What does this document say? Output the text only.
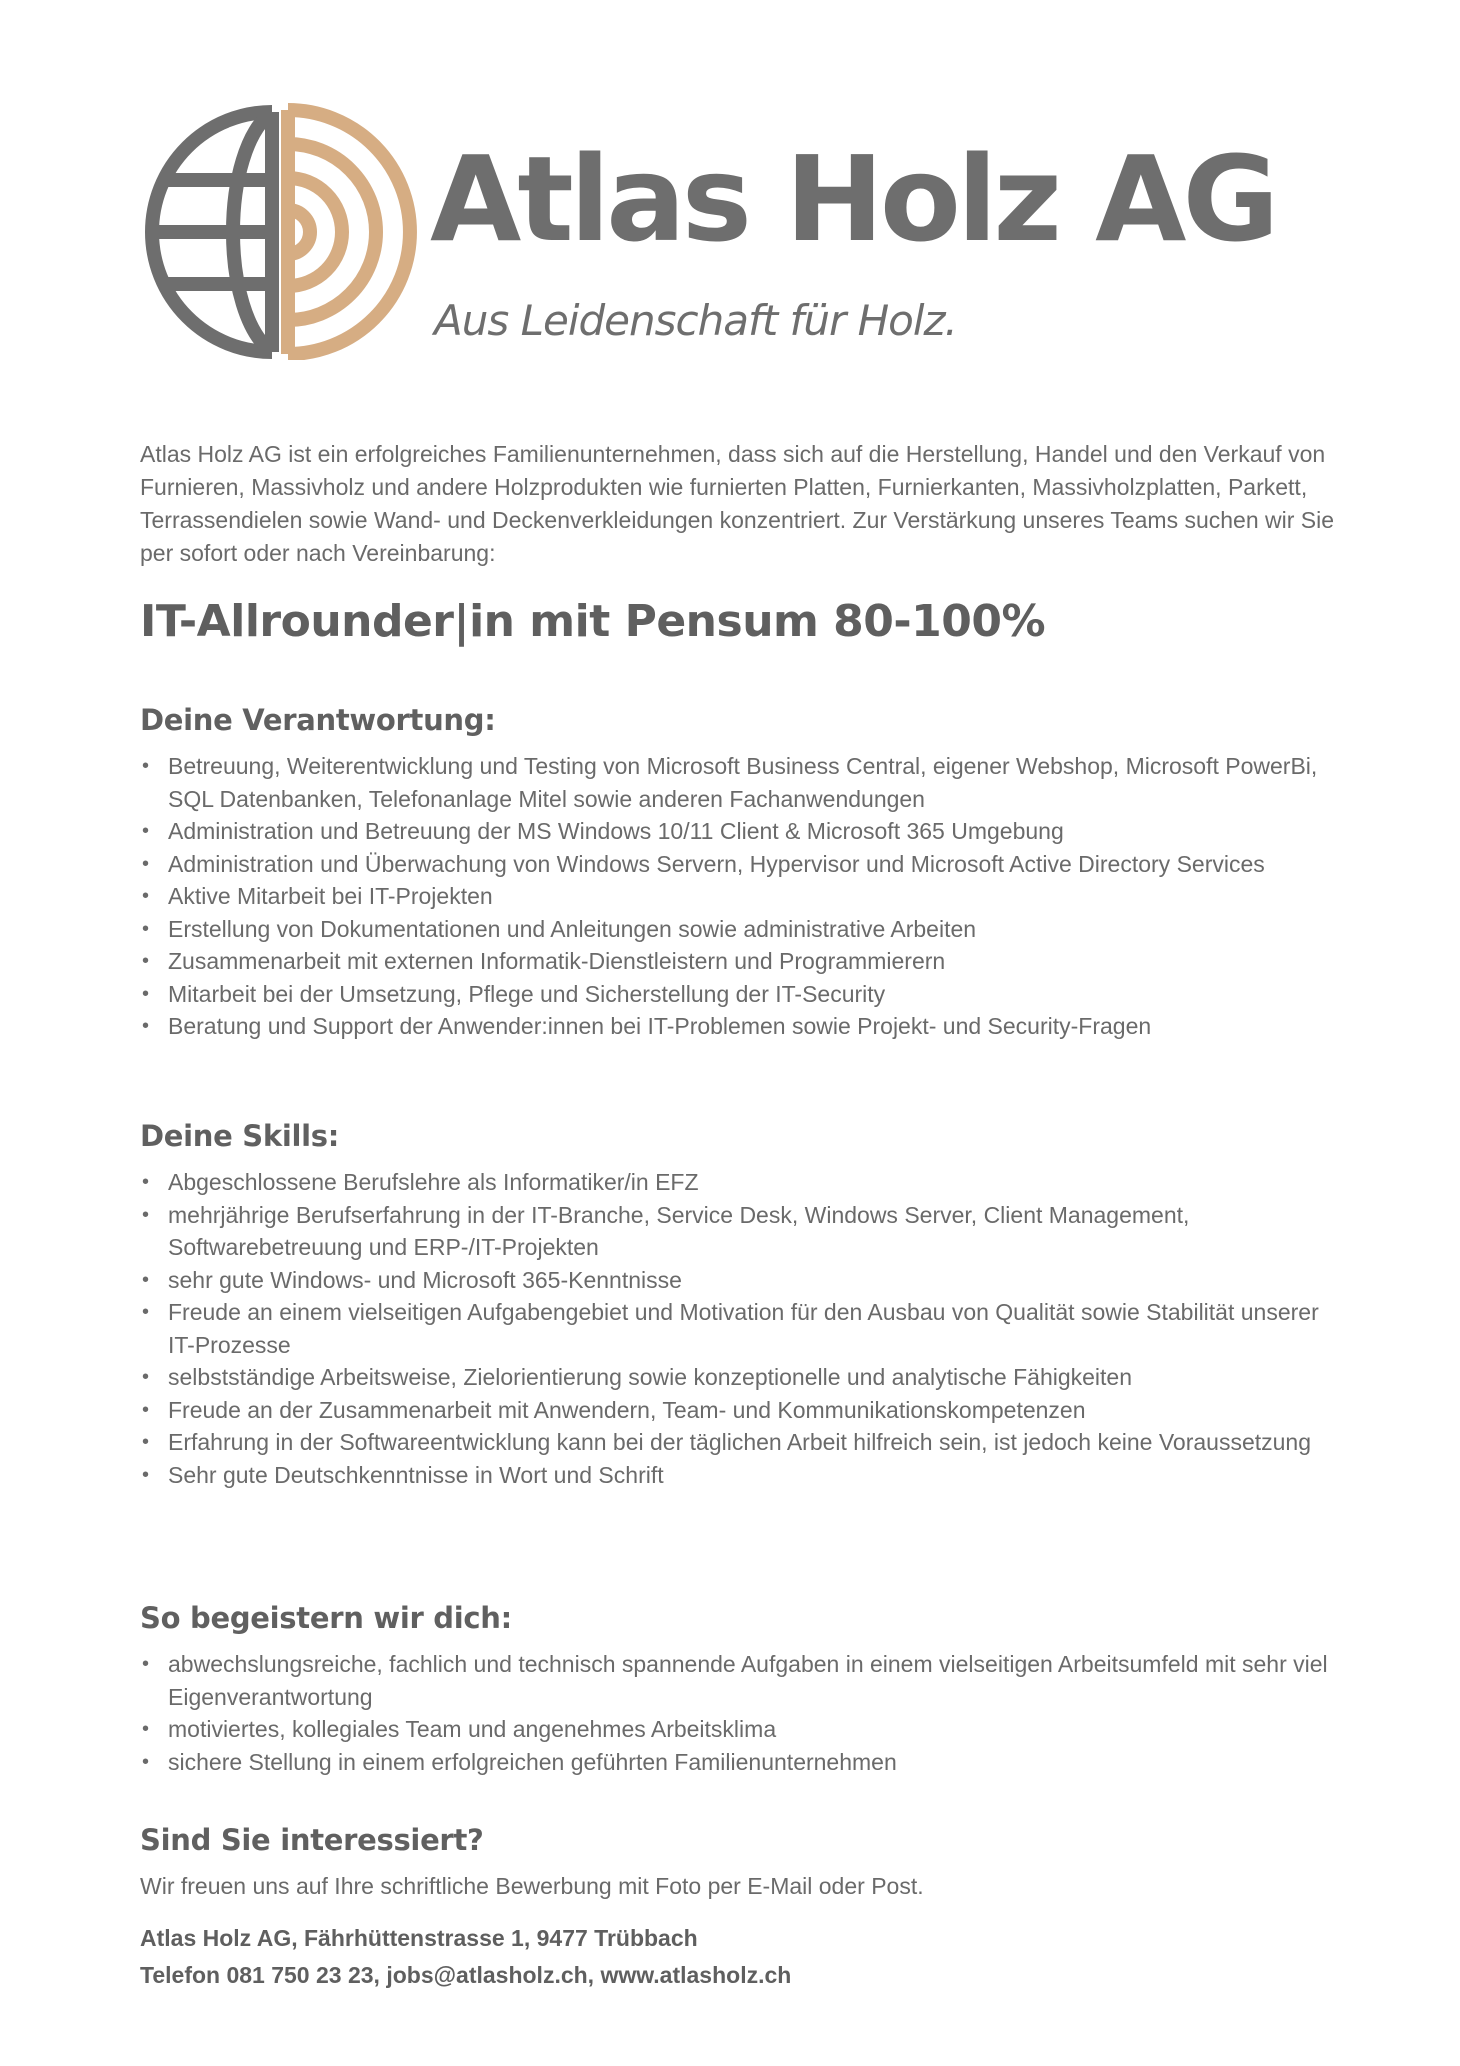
Atlas Holz AG
Aus Leidenschaft für Holz.

Atlas Holz AG ist ein erfolgreiches Familienunternehmen, dass sich auf die Herstellung, Handel und den Verkauf von Furnieren, Massivholz und andere Holzprodukten wie furnierten Platten, Furnierkanten, Massivholzplatten, Parkett, Terrassendielen sowie Wand- und Deckenverkleidungen konzentriert. Zur Verstärkung unseres Teams suchen wir Sie per sofort oder nach Vereinbarung:

IT-Allrounder|in mit Pensum 80-100%
Deine Verantwortung:
• Betreuung, Weiterentwicklung und Testing von Microsoft Business Central, eigener Webshop, Microsoft PowerBi, SQL Datenbanken, Telefonanlage Mitel sowie anderen Fachanwendungen
• Administration und Betreuung der MS Windows 10/11 Client & Microsoft 365 Umgebung
• Administration und Überwachung von Windows Servern, Hypervisor und Microsoft Active Directory Services
• Aktive Mitarbeit bei IT-Projekten
• Erstellung von Dokumentationen und Anleitungen sowie administrative Arbeiten
• Zusammenarbeit mit externen Informatik-Dienstleistern und Programmierern
• Mitarbeit bei der Umsetzung, Pflege und Sicherstellung der IT-Security
• Beratung und Support der Anwender:innen bei IT-Problemen sowie Projekt- und Security-Fragen
Deine Skills:
• Abgeschlossene Berufslehre als Informatiker/in EFZ
• mehrjährige Berufserfahrung in der IT-Branche, Service Desk, Windows Server, Client Management, Softwarebetreuung und ERP-/IT-Projekten
• sehr gute Windows- und Microsoft 365-Kenntnisse
• Freude an einem vielseitigen Aufgabengebiet und Motivation für den Ausbau von Qualität sowie Stabilität unserer IT-Prozesse
• selbstständige Arbeitsweise, Zielorientierung sowie konzeptionelle und analytische Fähigkeiten
• Freude an der Zusammenarbeit mit Anwendern, Team- und Kommunikationskompetenzen
• Erfahrung in der Softwareentwicklung kann bei der täglichen Arbeit hilfreich sein, ist jedoch keine Voraussetzung
• Sehr gute Deutschkenntnisse in Wort und Schrift
So begeistern wir dich:
• abwechslungsreiche, fachlich und technisch spannende Aufgaben in einem vielseitigen Arbeitsumfeld mit sehr viel Eigenverantwortung
• motiviertes, kollegiales Team und angenehmes Arbeitsklima
• sichere Stellung in einem erfolgreichen geführten Familienunternehmen
Sind Sie interessiert?

Wir freuen uns auf Ihre schriftliche Bewerbung mit Foto per E-Mail oder Post.

Atlas Holz AG, Fährhüttenstrasse 1, 9477 Trübbach
Telefon 081 750 23 23, jobs@atlasholz.ch, www.atlasholz.ch
